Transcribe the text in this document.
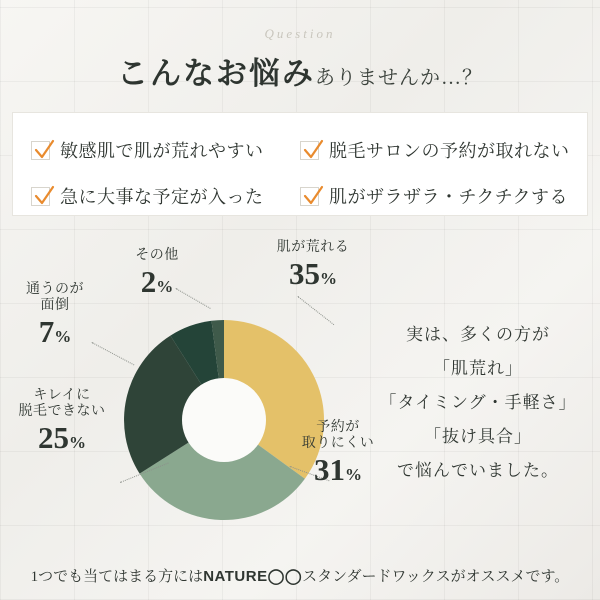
Question
こんなお悩みありませんか…？
敏感肌で肌が荒れやすい	脱毛サロンの予約が取れない
急に大事な予定が入った	肌がザラザラ・チクチクする
肌が荒れる
35%
その他
2%
通うのが
面倒
7%
キレイに
脱毛できない
25%
予約が
取りにくい
31%
実は、多くの方が
「肌荒れ」
「タイミング・手軽さ」
「抜け具合」
で悩んでいました。
1つでも当てはまる方にはNATURE◯◯スタンダードワックスがオススメです。
